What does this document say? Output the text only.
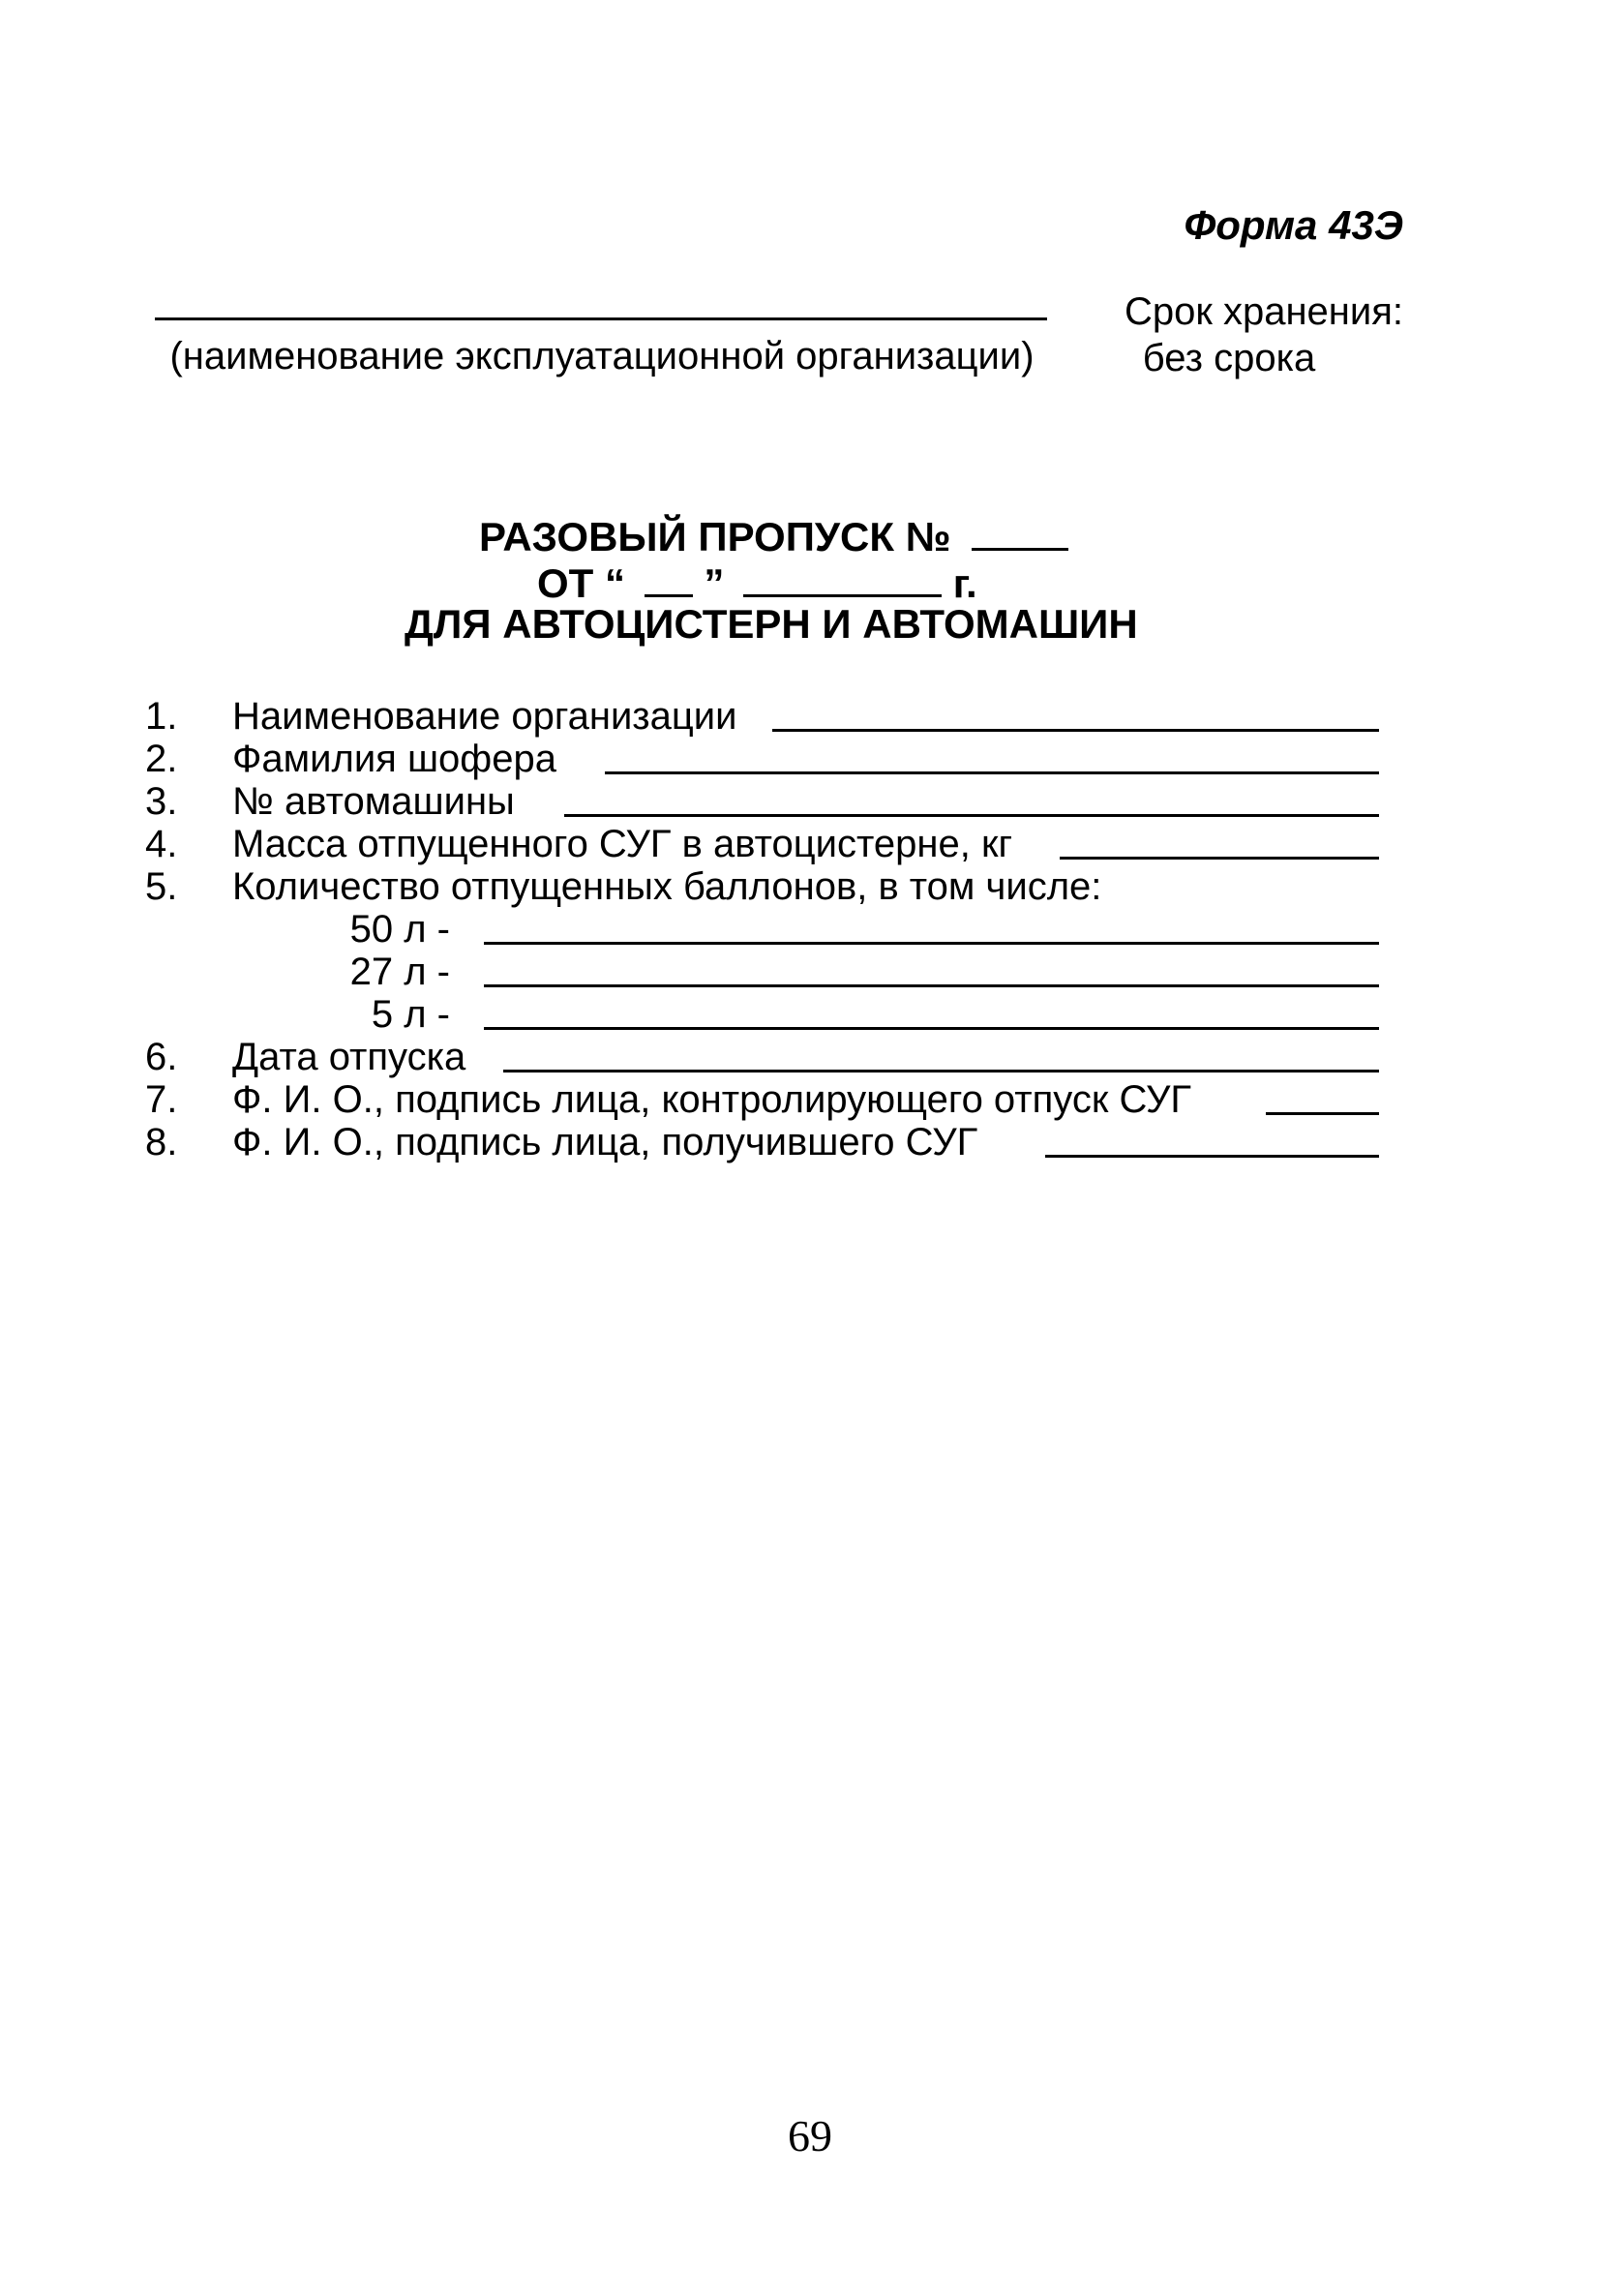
Форма 43Э
(наименование эксплуатационной организации)
Срок хранения:
без срока
РАЗОВЫЙ ПРОПУСК №
ОТ “ ”	г.
ДЛЯ АВТОЦИСТЕРН И АВТОМАШИН
1.	Наименование организации
2.	Фамилия шофера
3.	№ автомашины
4.	Масса отпущенного СУГ в автоцистерне, кг
5.	Количество отпущенных баллонов, в том числе:
50 л -
27 л -
5 л -
6.	Дата отпуска
7.	Ф. И. О., подпись лица, контролирующего отпуск СУГ
8.	Ф. И. О., подпись лица, получившего СУГ
69
